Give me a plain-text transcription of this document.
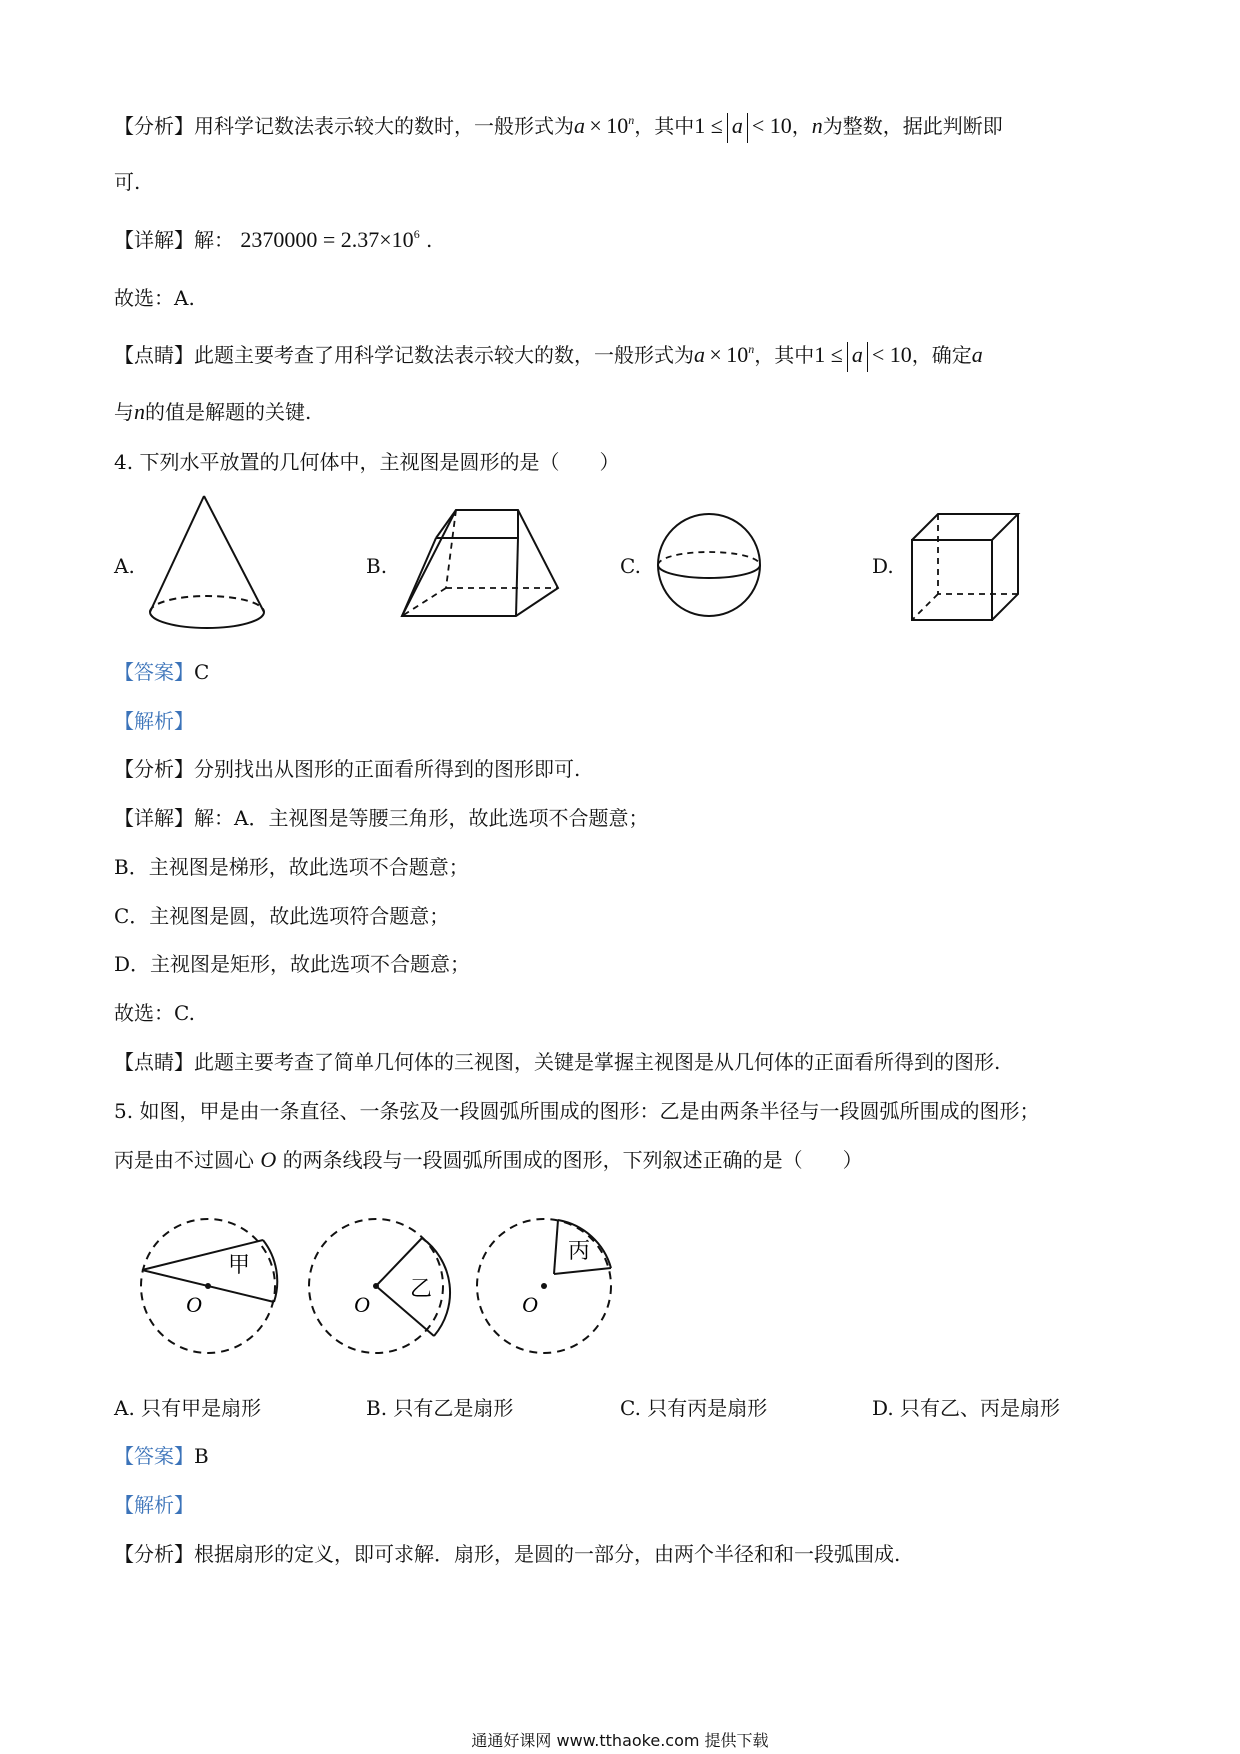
【分析】用科学记数法表示较大的数时，一般形式为a  ×  10$^n$，其中1 ≤ a < 10，n为整数，据此判断即
可.
【详解】解： $2370000 = 2.37\times 10^6$ .
故选：A.
【点睛】此题主要考查了用科学记数法表示较大的数，一般形式为a  ×  10$^n$，其中1 ≤ a < 10，确定a
与n的值是解题的关键.
4. 下列水平放置的几何体中，主视图是圆形的是（　　）
A.	B.	C.	D.
【答案】C
【解析】
【分析】分别找出从图形的正面看所得到的图形即可.
【详解】解：A．主视图是等腰三角形，故此选项不合题意；
B．主视图是梯形，故此选项不合题意；
C．主视图是圆，故此选项符合题意；
D．主视图是矩形，故此选项不合题意；
故选：C.
【点睛】此题主要考查了简单几何体的三视图，关键是掌握主视图是从几何体的正面看所得到的图形.
5. 如图，甲是由一条直径、一条弦及一段圆弧所围成的图形：乙是由两条半径与一段圆弧所围成的图形；
丙是由不过圆心 O 的两条线段与一段圆弧所围成的图形，下列叙述正确的是（　　）
甲
O
乙
O
丙
O
A. 只有甲是扇形	B. 只有乙是扇形	C. 只有丙是扇形	D. 只有乙、丙是扇形
【答案】B
【解析】
【分析】根据扇形的定义，即可求解．扇形，是圆的一部分，由两个半径和和一段弧围成.
通通好课网 www.tthaoke.com 提供下载
